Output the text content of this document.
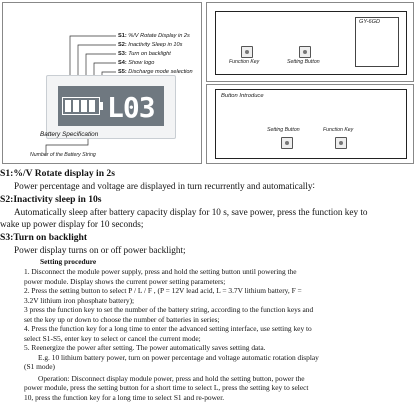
S1: %/V Rotate Display in 2s
S2: Inactivity Sleep in 10s
S3: Turn on backlight
S4: Show logo
S5: Discharge mode selection
L03
Battery Specification
Number of the Battery String
GY-6GD
Function Key	Setting Button
Button Introduce
Setting Button	Function Key
S1:%/V Rotate display in 2s
Power percentage and voltage are displayed in turn recurrently and automatically∶
S2:Inactivity sleep in 10s
Automatically sleep after battery capacity display for 10 s, save power, press the function key to
wake up power display for 10 seconds;
S3:Turn on backlight
Power display turns on or off power backlight;
Setting procedure
1. Disconnect the module power supply, press and hold the setting button until powering the
power module. Display shows the current power setting parameters;
2. Press the setting button to select P / L / F , (P = 12V lead acid, L = 3.7V lithium battery, F =
3.2V lithium iron phosphate battery);
3 press the function key to set the number of the battery string, according to the function keys and
set the key up or down to choose the number of batteries in series;
4. Press the function key for a long time to enter the advanced setting interface, use setting key to
select S1-S5, enter key to select or cancel the current mode;
5. Reenergize the power after setting. The power automatically saves setting data.
E.g. 10 lithium battery power, turn on power percentage and voltage automatic rotation display
(S1 mode)
Operation: Disconnect display module power, press and hold the setting button, power the
power module, press the setting button for a short time to select L, press the setting key to select
10, press the function key for a long time to select S1 and re-power.
